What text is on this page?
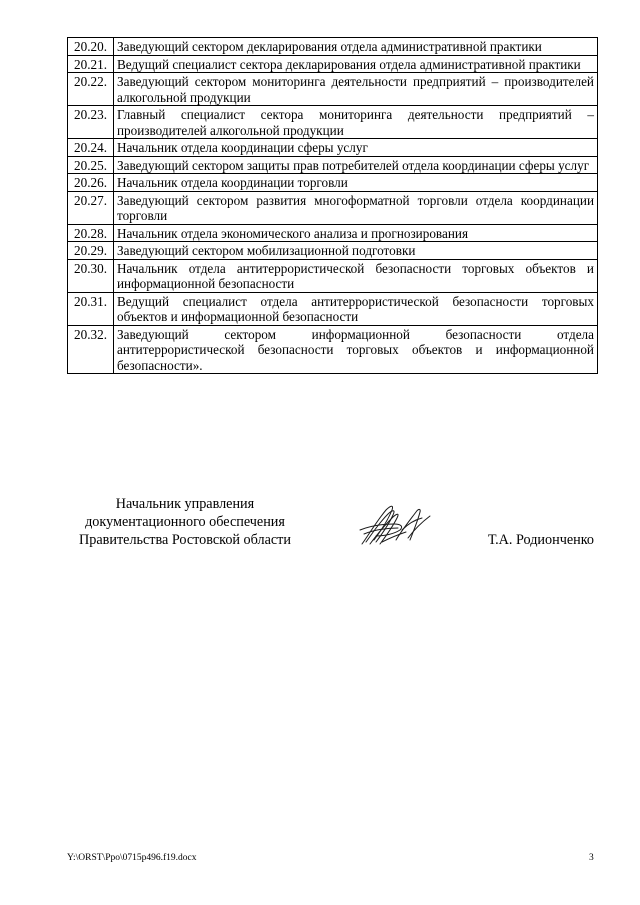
20.20.	Заведующий сектором декларирования отдела административной практики
20.21.	Ведущий специалист сектора декларирования отдела административной практики
20.22.	Заведующий сектором мониторинга деятельности предприятий – производителей алкогольной продукции
20.23.	Главный специалист сектора мониторинга деятельности предприятий – производителей алкогольной продукции
20.24.	Начальник отдела координации сферы услуг
20.25.	Заведующий сектором защиты прав потребителей отдела координации сферы услуг
20.26.	Начальник отдела координации торговли
20.27.	Заведующий сектором развития многоформатной торговли отдела координации торговли
20.28.	Начальник отдела экономического анализа и прогнозирования
20.29.	Заведующий сектором мобилизационной подготовки
20.30.	Начальник отдела антитеррористической безопасности торговых объектов и информационной безопасности
20.31.	Ведущий специалист отдела антитеррористической безопасности торговых объектов и информационной безопасности
20.32.	Заведующий сектором информационной безопасности отдела антитеррористической безопасности торговых объектов и информационной безопасности».
Начальник управления
документационного обеспечения
Правительства Ростовской области	Т.А. Родионченко
Y:\ORST\Ppo\0715p496.f19.docx	3
